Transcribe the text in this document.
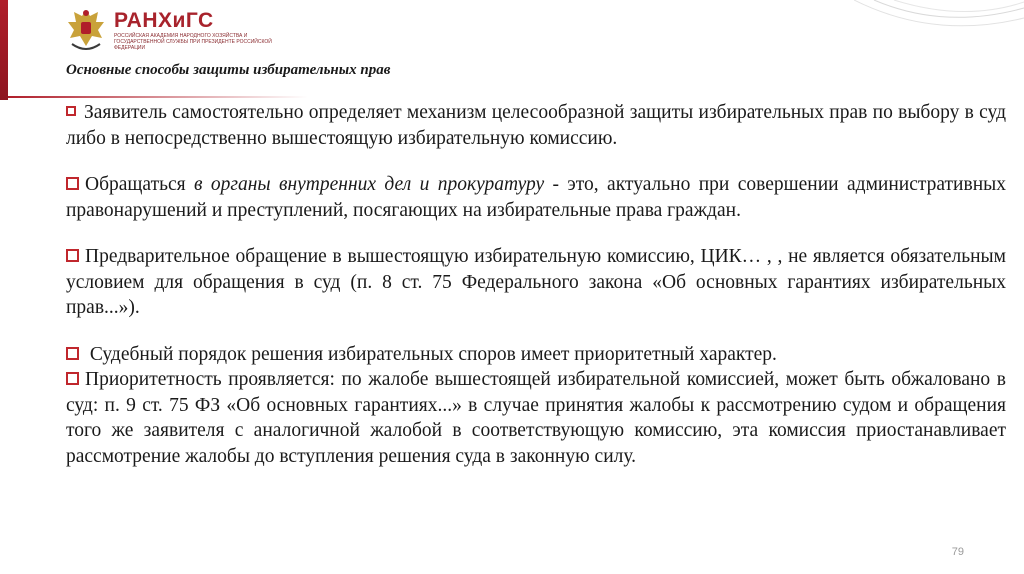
РАНХиГС
РОССИЙСКАЯ АКАДЕМИЯ НАРОДНОГО ХОЗЯЙСТВА И ГОСУДАРСТВЕННОЙ СЛУЖБЫ ПРИ ПРЕЗИДЕНТЕ РОССИЙСКОЙ ФЕДЕРАЦИИ
Основные способы защиты избирательных прав

Заявитель самостоятельно определяет механизм целесообразной защиты избирательных прав по выбору в суд либо в непосредственно вышестоящую избирательную комиссию.

Обращаться в органы внутренних дел и прокуратуру - это, актуально при совершении административных правонарушений и преступлений, посягающих на избирательные права граждан.

Предварительное обращение в вышестоящую избирательную комиссию, ЦИК… , , не является обязательным условием для обращения в суд (п. 8 ст. 75 Федерального закона «Об основных гарантиях избирательных прав...»).

Судебный порядок решения избирательных споров имеет приоритетный характер.

Приоритетность проявляется: по жалобе вышестоящей избирательной комиссией, может быть обжаловано в суд: п. 9 ст. 75 ФЗ «Об основных гарантиях...» в случае принятия жалобы к рассмотрению судом и обращения того же заявителя с аналогичной жалобой в соответствующую комиссию, эта комиссия приостанавливает рассмотрение жалобы до вступления решения суда в законную силу.

79
